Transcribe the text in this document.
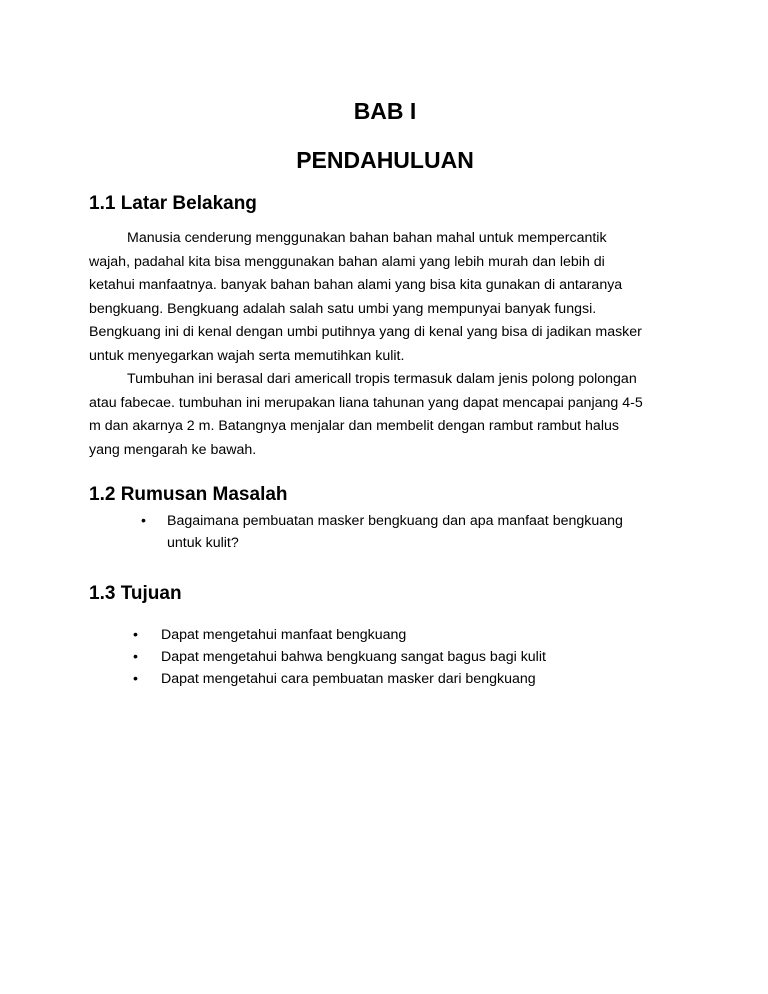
BAB I
PENDAHULUAN
1.1 Latar Belakang
Manusia cenderung menggunakan bahan bahan mahal untuk mempercantik
wajah, padahal kita bisa menggunakan bahan alami yang lebih murah dan lebih di
ketahui manfaatnya. banyak bahan bahan alami yang bisa kita gunakan di antaranya
bengkuang. Bengkuang adalah salah satu umbi yang mempunyai banyak fungsi.
Bengkuang ini di kenal dengan umbi putihnya yang di kenal yang bisa di jadikan masker
untuk menyegarkan wajah serta memutihkan kulit.
Tumbuhan ini berasal dari americall tropis termasuk dalam jenis polong polongan
atau fabecae. tumbuhan ini merupakan liana tahunan yang dapat mencapai panjang 4-5
m dan akarnya 2 m. Batangnya menjalar dan membelit dengan rambut rambut halus
yang mengarah ke bawah.
1.2 Rumusan Masalah
•	Bagaimana pembuatan masker bengkuang dan apa manfaat bengkuang
untuk kulit?
1.3 Tujuan
•	Dapat mengetahui manfaat bengkuang
•	Dapat mengetahui bahwa bengkuang sangat bagus bagi kulit
•	Dapat mengetahui cara pembuatan masker dari bengkuang
